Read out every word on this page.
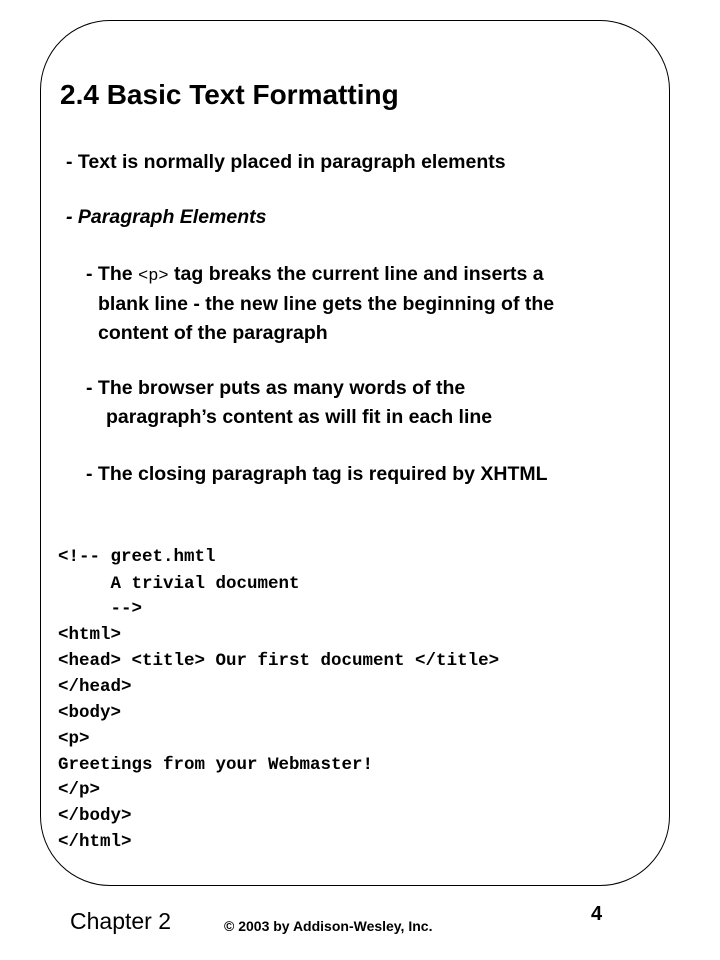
2.4 Basic Text Formatting
- Text is normally placed in paragraph elements
- Paragraph Elements
- The <p> tag breaks the current line and inserts a
blank line - the new line gets the beginning of the
content of the paragraph
- The browser puts as many words of the
paragraph’s content as will fit in each line
- The closing paragraph tag is required by XHTML
<!-- greet.hmtl
A trivial document
-->
<html>
<head> <title> Our first document </title>
</head>
<body>
<p>
Greetings from your Webmaster!
</p>
</body>
</html>
Chapter 2	© 2003 by Addison-Wesley, Inc.
4
